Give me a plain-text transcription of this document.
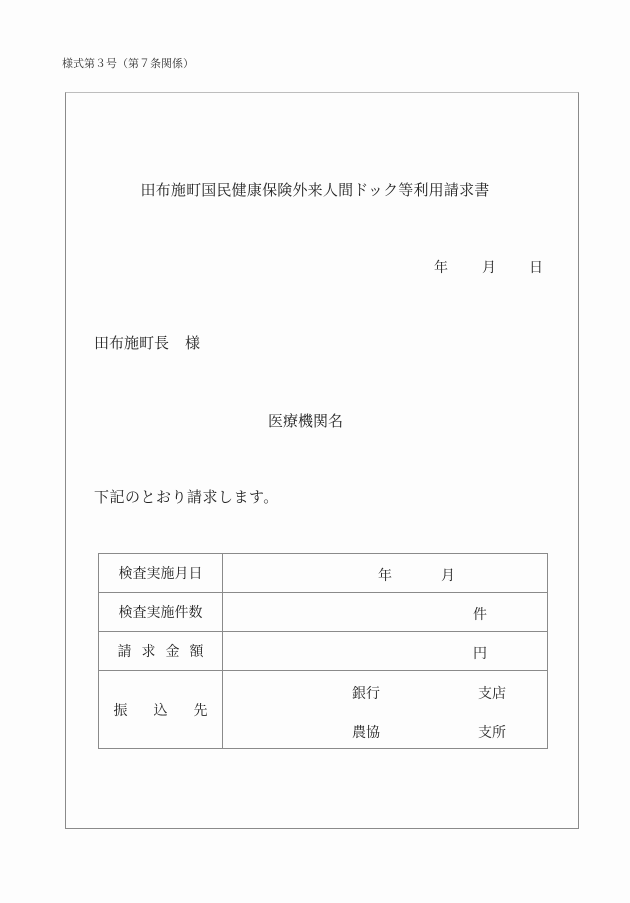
様式第３号（第７条関係）
田布施町国民健康保険外来人間ドック等利用請求書
年 月 日
田布施町長 様
医療機関名
下記のとおり請求します。
検査実施月日	年 月

検査実施件数	件

請求金額	円

振込先	銀行 支店
農協 支所
